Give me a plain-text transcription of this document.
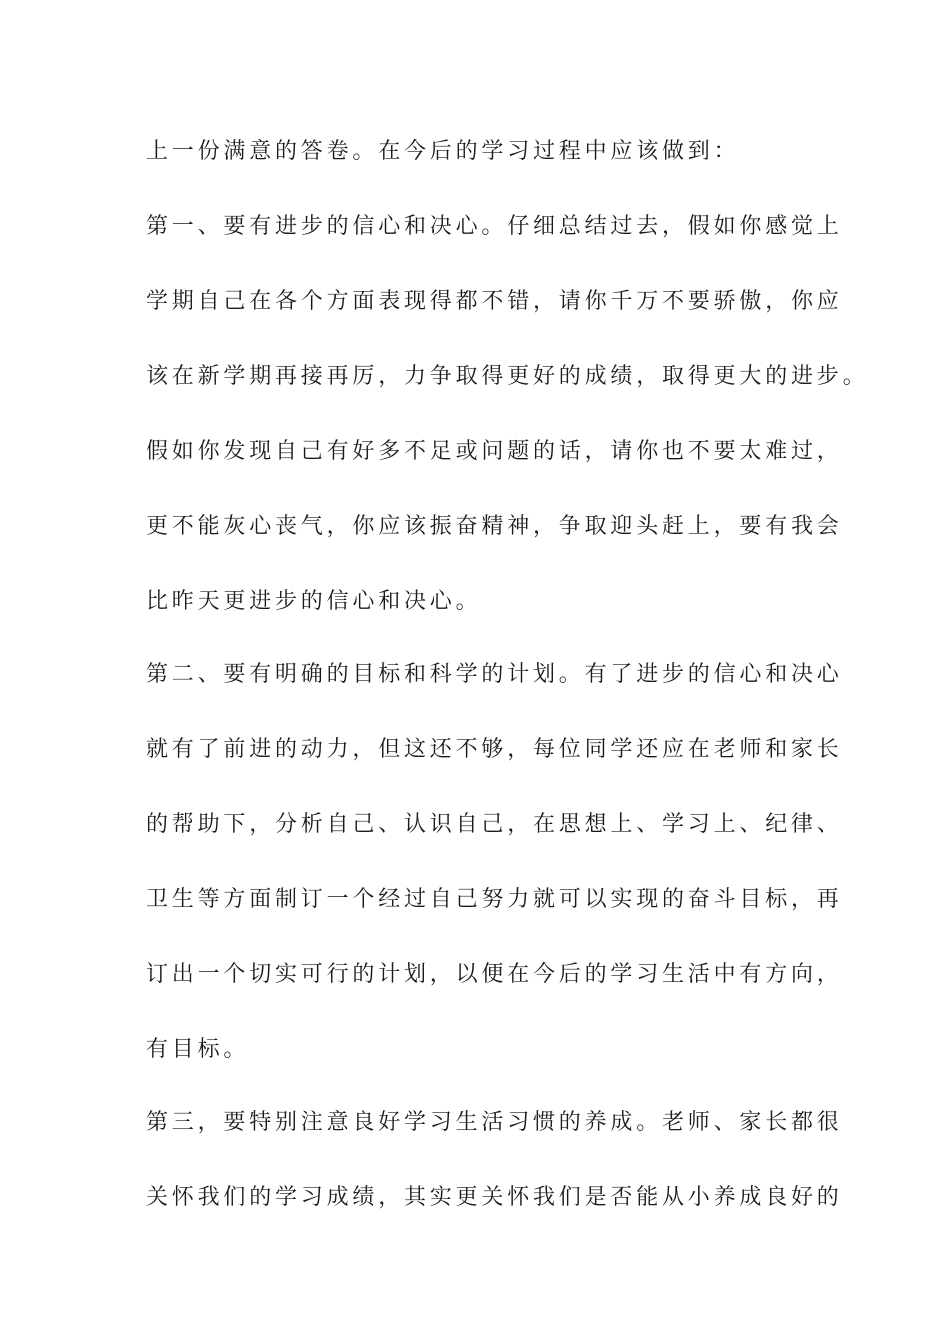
上一份满意的答卷。在今后的学习过程中应该做到：
第一、要有进步的信心和决心。仔细总结过去，假如你感觉上
学期自己在各个方面表现得都不错，请你千万不要骄傲，你应
该在新学期再接再厉，力争取得更好的成绩，取得更大的进步。
假如你发现自己有好多不足或问题的话，请你也不要太难过，
更不能灰心丧气，你应该振奋精神，争取迎头赶上，要有我会
比昨天更进步的信心和决心。
第二、要有明确的目标和科学的计划。有了进步的信心和决心
就有了前进的动力，但这还不够，每位同学还应在老师和家长
的帮助下，分析自己、认识自己，在思想上、学习上、纪律、
卫生等方面制订一个经过自己努力就可以实现的奋斗目标，再
订出一个切实可行的计划，以便在今后的学习生活中有方向，
有目标。
第三，要特别注意良好学习生活习惯的养成。老师、家长都很
关怀我们的学习成绩，其实更关怀我们是否能从小养成良好的
